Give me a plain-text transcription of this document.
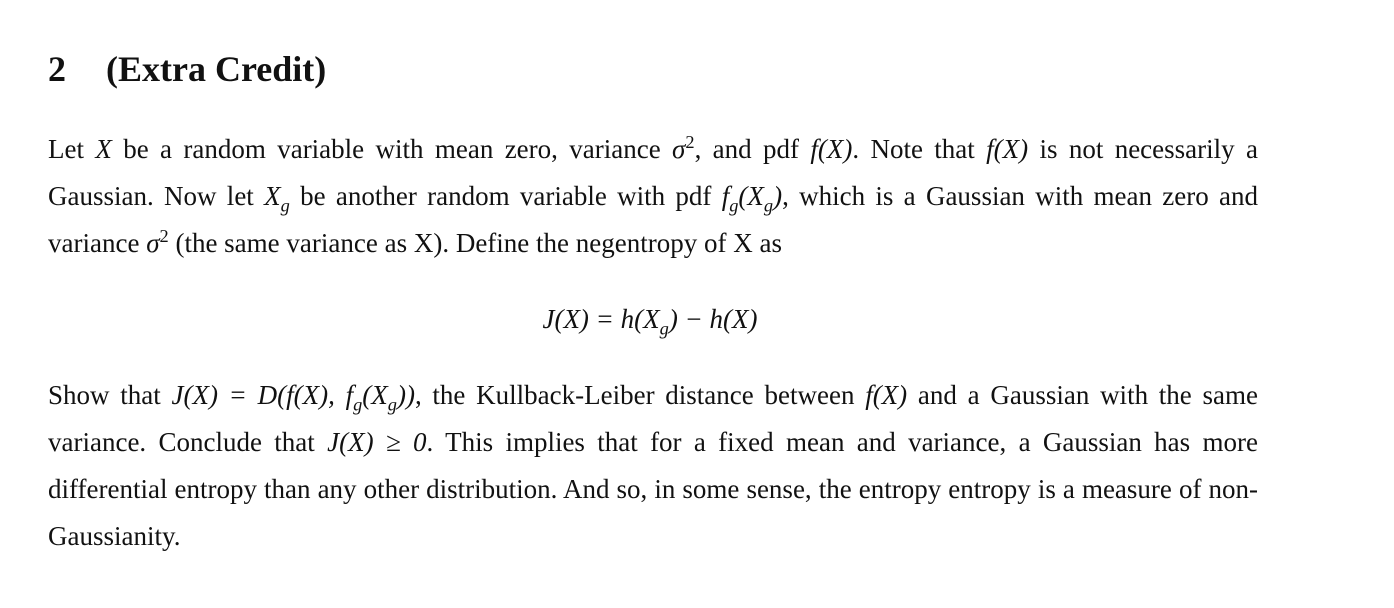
2 (Extra Credit)
Let X be a random variable with mean zero, variance $\sigma^2$, and pdf f(X). Note that f(X) is not necessarily a Gaussian. Now let $X_g$ be another random variable with pdf $f_g(X_g)$, which is a Gaussian with mean zero and variance $\sigma^2$ (the same variance as X). Define the negentropy of X as
$J(X) = h(X_g) - h(X)$
Show that J(X) = D(f(X), $f_g(X_g)$), the Kullback-Leiber distance between f(X) and a Gaussian with the same variance. Conclude that J(X) ≥ 0. This implies that for a fixed mean and variance, a Gaussian has more differential entropy than any other distribution. And so, in some sense, the entropy entropy is a measure of non-Gaussianity.
